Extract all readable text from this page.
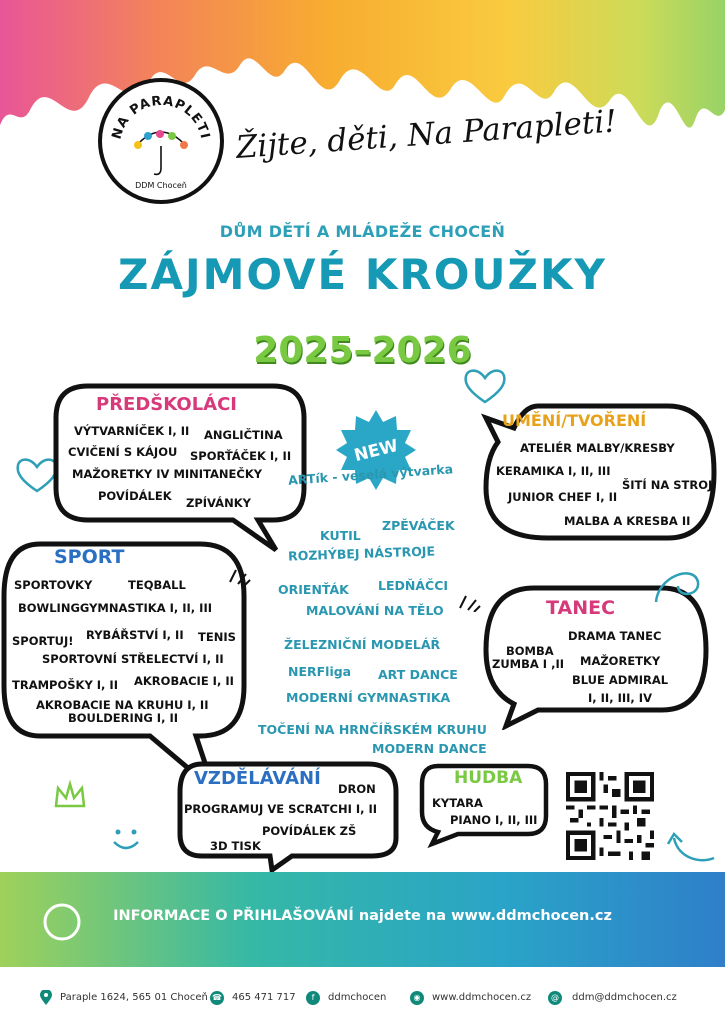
NA PARAPLETI
DDM Choceň
Žijte, děti, Na Parapleti!
DŮM DĚTÍ A MLÁDEŽE CHOCEŇ
ZÁJMOVÉ KROUŽKY
2025–2026
NEW
PŘEDŠKOLÁCI
VÝTVARNÍČEK I, II ANGLIČTINA
CVIČENÍ S KÁJOU SPORŤÁČEK I, II
MAŽORETKY IV MINITANEČKY
POVÍDÁLEK ZPÍVÁNKY
UMĚNÍ/TVOŘENÍ
ATELIÉR MALBY/KRESBY
KERAMIKA I, II, III
ŠITÍ NA STROJI
JUNIOR CHEF I, II
MALBA A KRESBA II
SPORT
SPORTOVKY	TEQBALL
BOWLINGGYMNASTIKA I, II, III
SPORTUJ! RYBÁŘSTVÍ I, II TENIS
SPORTOVNÍ STŘELECTVÍ I, II
TRAMPOŠKY I, II AKROBACIE I, II
AKROBACIE NA KRUHU I, II
BOULDERING I, II
TANEC
DRAMA TANEC
BOMBA
ZUMBA I ,II MAŽORETKY
BLUE ADMIRAL
I, II, III, IV
VZDĚLÁVÁNÍ DRON
PROGRAMUJ VE SCRATCHI I, II
POVÍDÁLEK ZŠ
3D TISK
HUDBA
KYTARA
PIANO I, II, III
ARTík - veselá výtvarka
KUTIL
ZPĚVÁČEK
ROZHÝBEJ NÁSTROJE
ORIENŤÁK LEDŇÁČCI
MALOVÁNÍ NA TĚLO
ŽELEZNIČNÍ MODELÁŘ
NERFliga ART DANCE
MODERNÍ GYMNASTIKA
TOČENÍ NA HRNČÍŘSKÉM KRUHU
MODERN DANCE
INFORMACE O PŘIHLAŠOVÁNÍ najdete na www.ddmchocen.cz
Paraple 1624, 565 01 Choceň ☎ 465 471 717	f	ddmchocen	◉	www.ddmchocen.cz	@	ddm@ddmchocen.cz
